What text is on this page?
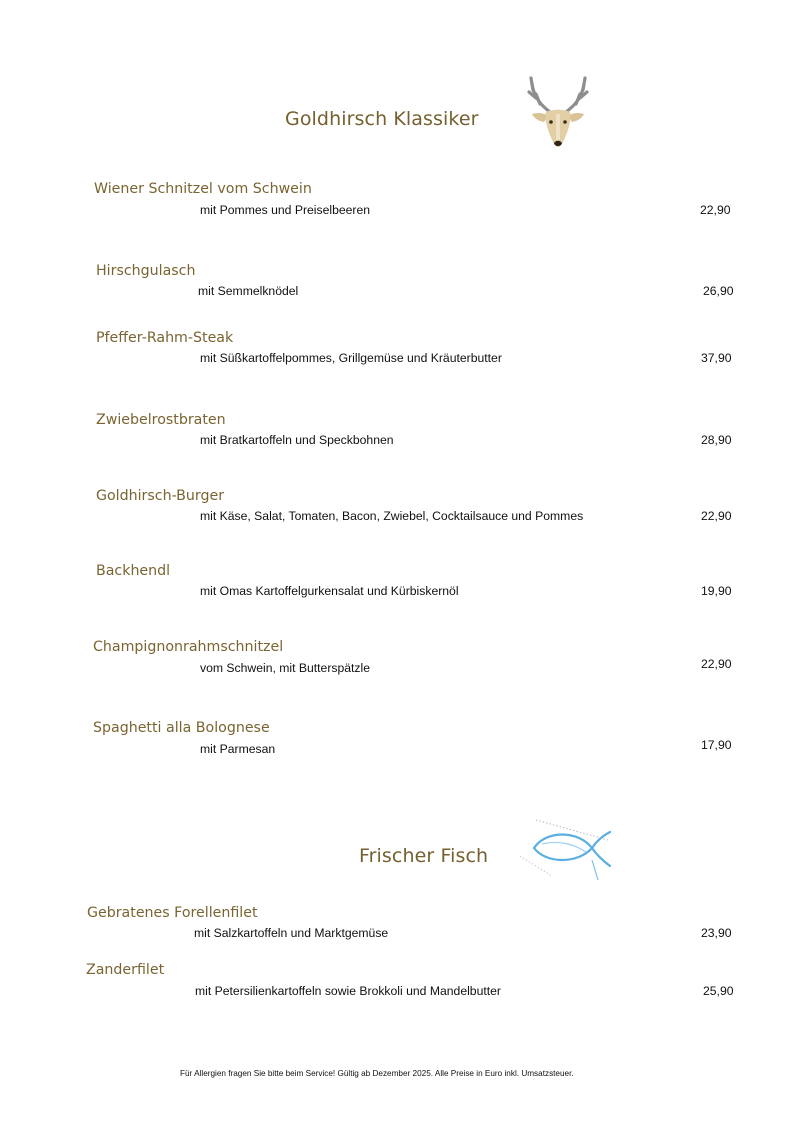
Goldhirsch Klassiker
Wiener Schnitzel vom Schwein
mit Pommes und Preiselbeeren	22,90
Hirschgulasch
mit Semmelknödel	26,90
Pfeffer-Rahm-Steak
mit Süßkartoffelpommes, Grillgemüse und Kräuterbutter	37,90
Zwiebelrostbraten
mit Bratkartoffeln und Speckbohnen	28,90
Goldhirsch-Burger
mit Käse, Salat, Tomaten, Bacon, Zwiebel, Cocktailsauce und Pommes	22,90
Backhendl
mit Omas Kartoffelgurkensalat und Kürbiskernöl	19,90
Champignonrahmschnitzel
vom Schwein, mit Butterspätzle	22,90
Spaghetti alla Bolognese
mit Parmesan	17,90
Frischer Fisch
Gebratenes Forellenfilet
mit Salzkartoffeln und Marktgemüse	23,90
Zanderfilet
mit Petersilienkartoffeln sowie Brokkoli und Mandelbutter	25,90
Für Allergien fragen Sie bitte beim Service! Gültig ab Dezember 2025. Alle Preise in Euro inkl. Umsatzsteuer.
